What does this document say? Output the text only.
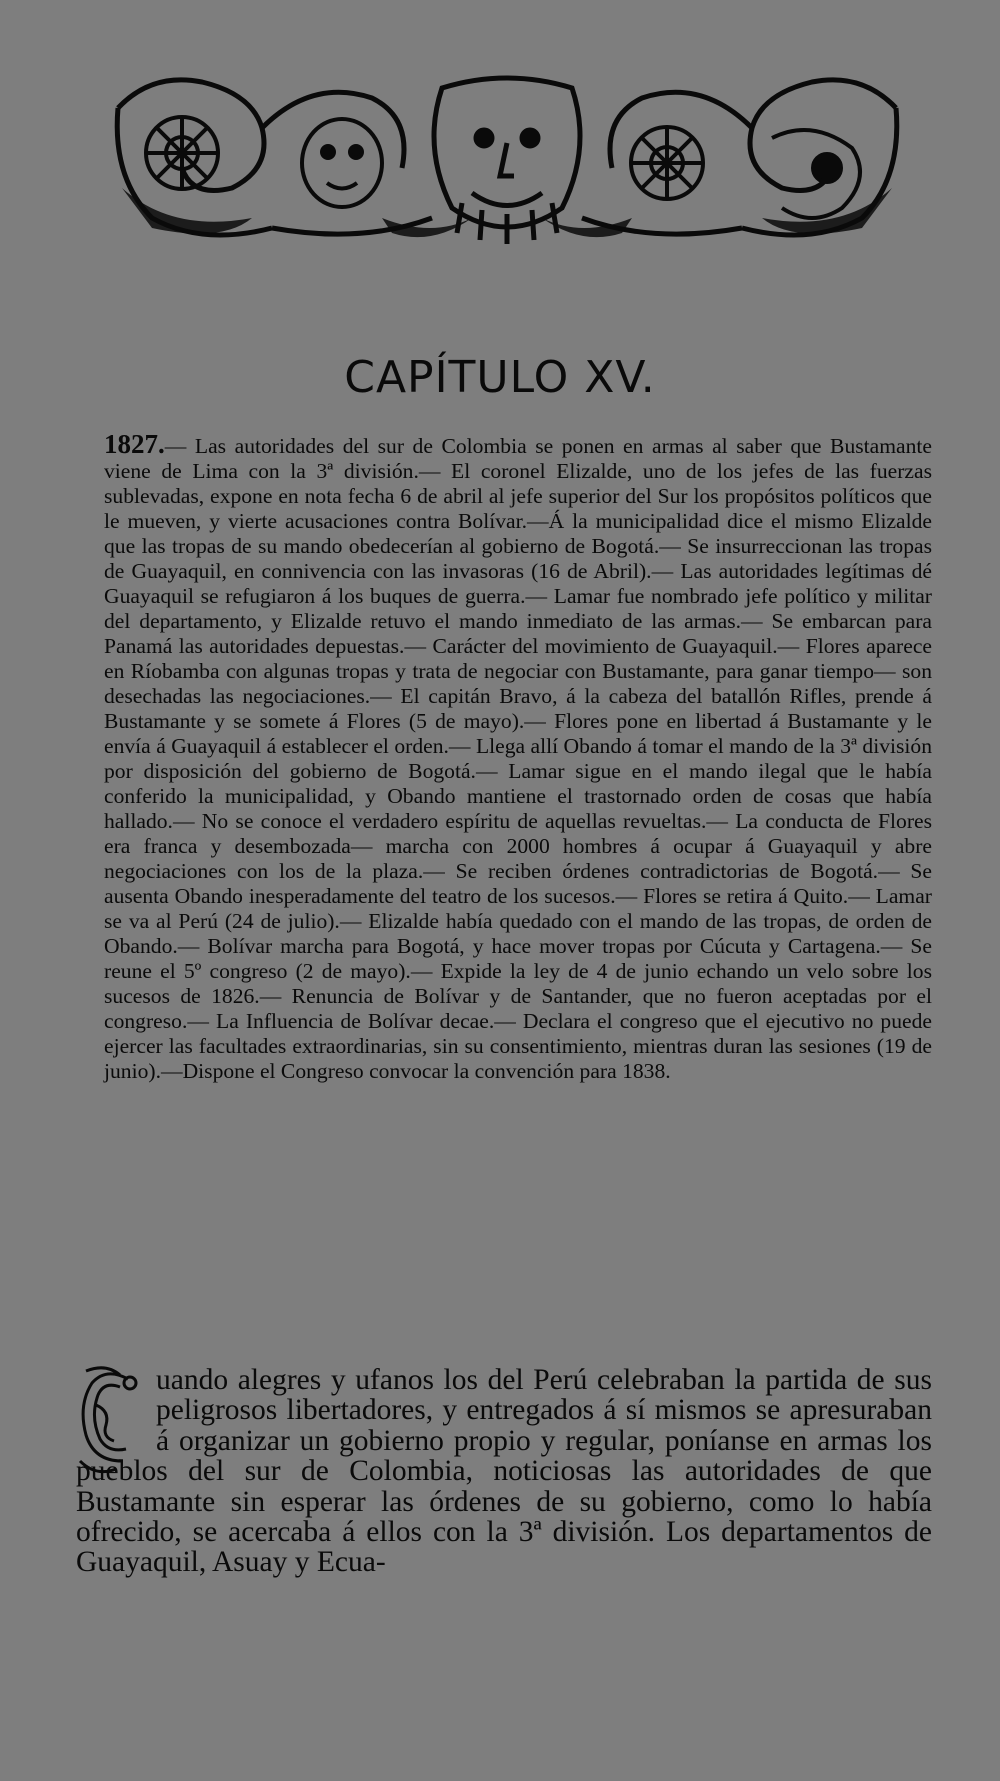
CAPÍTULO XV.

1827.— Las autoridades del sur de Colombia se ponen en armas al saber que Bustamante viene de Lima con la 3ª división.— El coronel Elizalde, uno de los jefes de las fuerzas sublevadas, expone en nota fecha 6 de abril al jefe superior del Sur los propósitos políticos que le mueven, y vierte acusaciones contra Bolívar.—Á la municipalidad dice el mismo Elizalde que las tropas de su mando obedecerían al gobierno de Bogotá.— Se insurreccionan las tropas de Guayaquil, en connivencia con las invasoras (16 de Abril).— Las autoridades legítimas dé Guayaquil se refugiaron á los buques de guerra.— Lamar fue nombrado jefe político y militar del departamento, y Elizalde retuvo el mando inmediato de las armas.— Se embarcan para Panamá las autoridades depuestas.— Carácter del movimiento de Guayaquil.— Flores aparece en Ríobamba con algunas tropas y trata de negociar con Bustamante, para ganar tiempo— son desechadas las negociaciones.— El capitán Bravo, á la cabeza del batallón Rifles, prende á Bustamante y se somete á Flores (5 de mayo).— Flores pone en libertad á Bustamante y le envía á Guayaquil á establecer el orden.— Llega allí Obando á tomar el mando de la 3ª división por disposición del gobierno de Bogotá.— Lamar sigue en el mando ilegal que le había conferido la municipalidad, y Obando mantiene el trastornado orden de cosas que había hallado.— No se conoce el verdadero espíritu de aquellas revueltas.— La conducta de Flores era franca y desembozada— marcha con 2000 hombres á ocupar á Guayaquil y abre negociaciones con los de la plaza.— Se reciben órdenes contradictorias de Bogotá.— Se ausenta Obando inesperadamente del teatro de los sucesos.— Flores se retira á Quito.— Lamar se va al Perú (24 de julio).— Elizalde había quedado con el mando de las tropas, de orden de Obando.— Bolívar marcha para Bogotá, y hace mover tropas por Cúcuta y Cartagena.— Se reune el 5º congreso (2 de mayo).— Expide la ley de 4 de junio echando un velo sobre los sucesos de 1826.— Renuncia de Bolívar y de Santander, que no fueron aceptadas por el congreso.— La Influencia de Bolívar decae.— Declara el congreso que el ejecutivo no puede ejercer las facultades extraordinarias, sin su consentimiento, mientras duran las sesiones (19 de junio).—Dispone el Congreso convocar la convención para 1838.

uando alegres y ufanos los del Perú celebraban la partida de sus peligrosos libertadores, y entregados á sí mismos se apresuraban á organizar un gobierno propio y regular, poníanse en armas los pueblos del sur de Colombia, noticiosas las autoridades de que Bustamante sin esperar las órdenes de su gobierno, como lo había ofrecido, se acercaba á ellos con la 3ª división. Los departamentos de Guayaquil, Asuay y Ecua-
